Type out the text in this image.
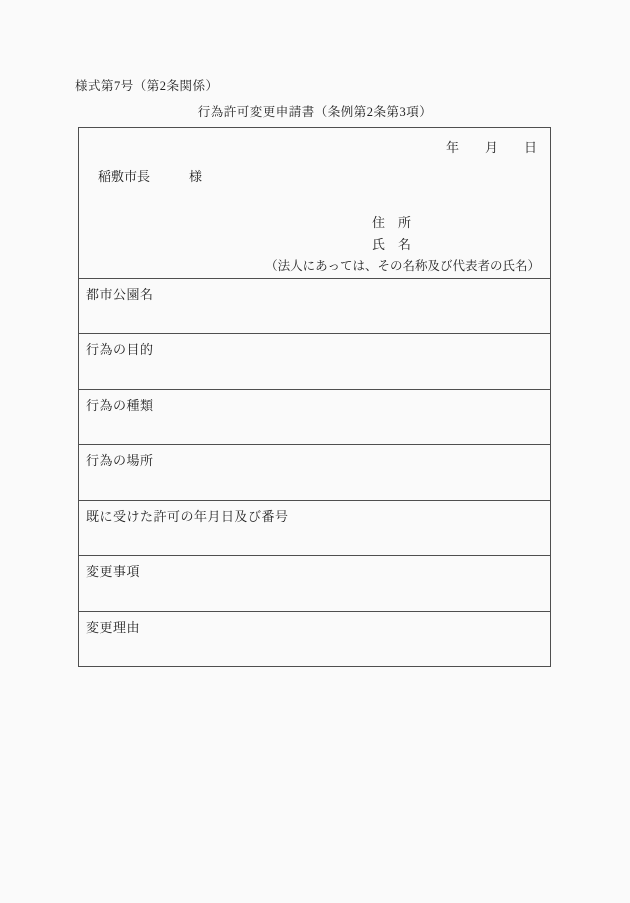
様式第7号（第2条関係）
行為許可変更申請書（条例第2条第3項）
年　　月　　日
稲敷市長　　　様
住　所
氏　名
（法人にあっては、その名称及び代表者の氏名）
都市公園名
行為の目的
行為の種類
行為の場所
既に受けた許可の年月日及び番号
変更事項
変更理由
